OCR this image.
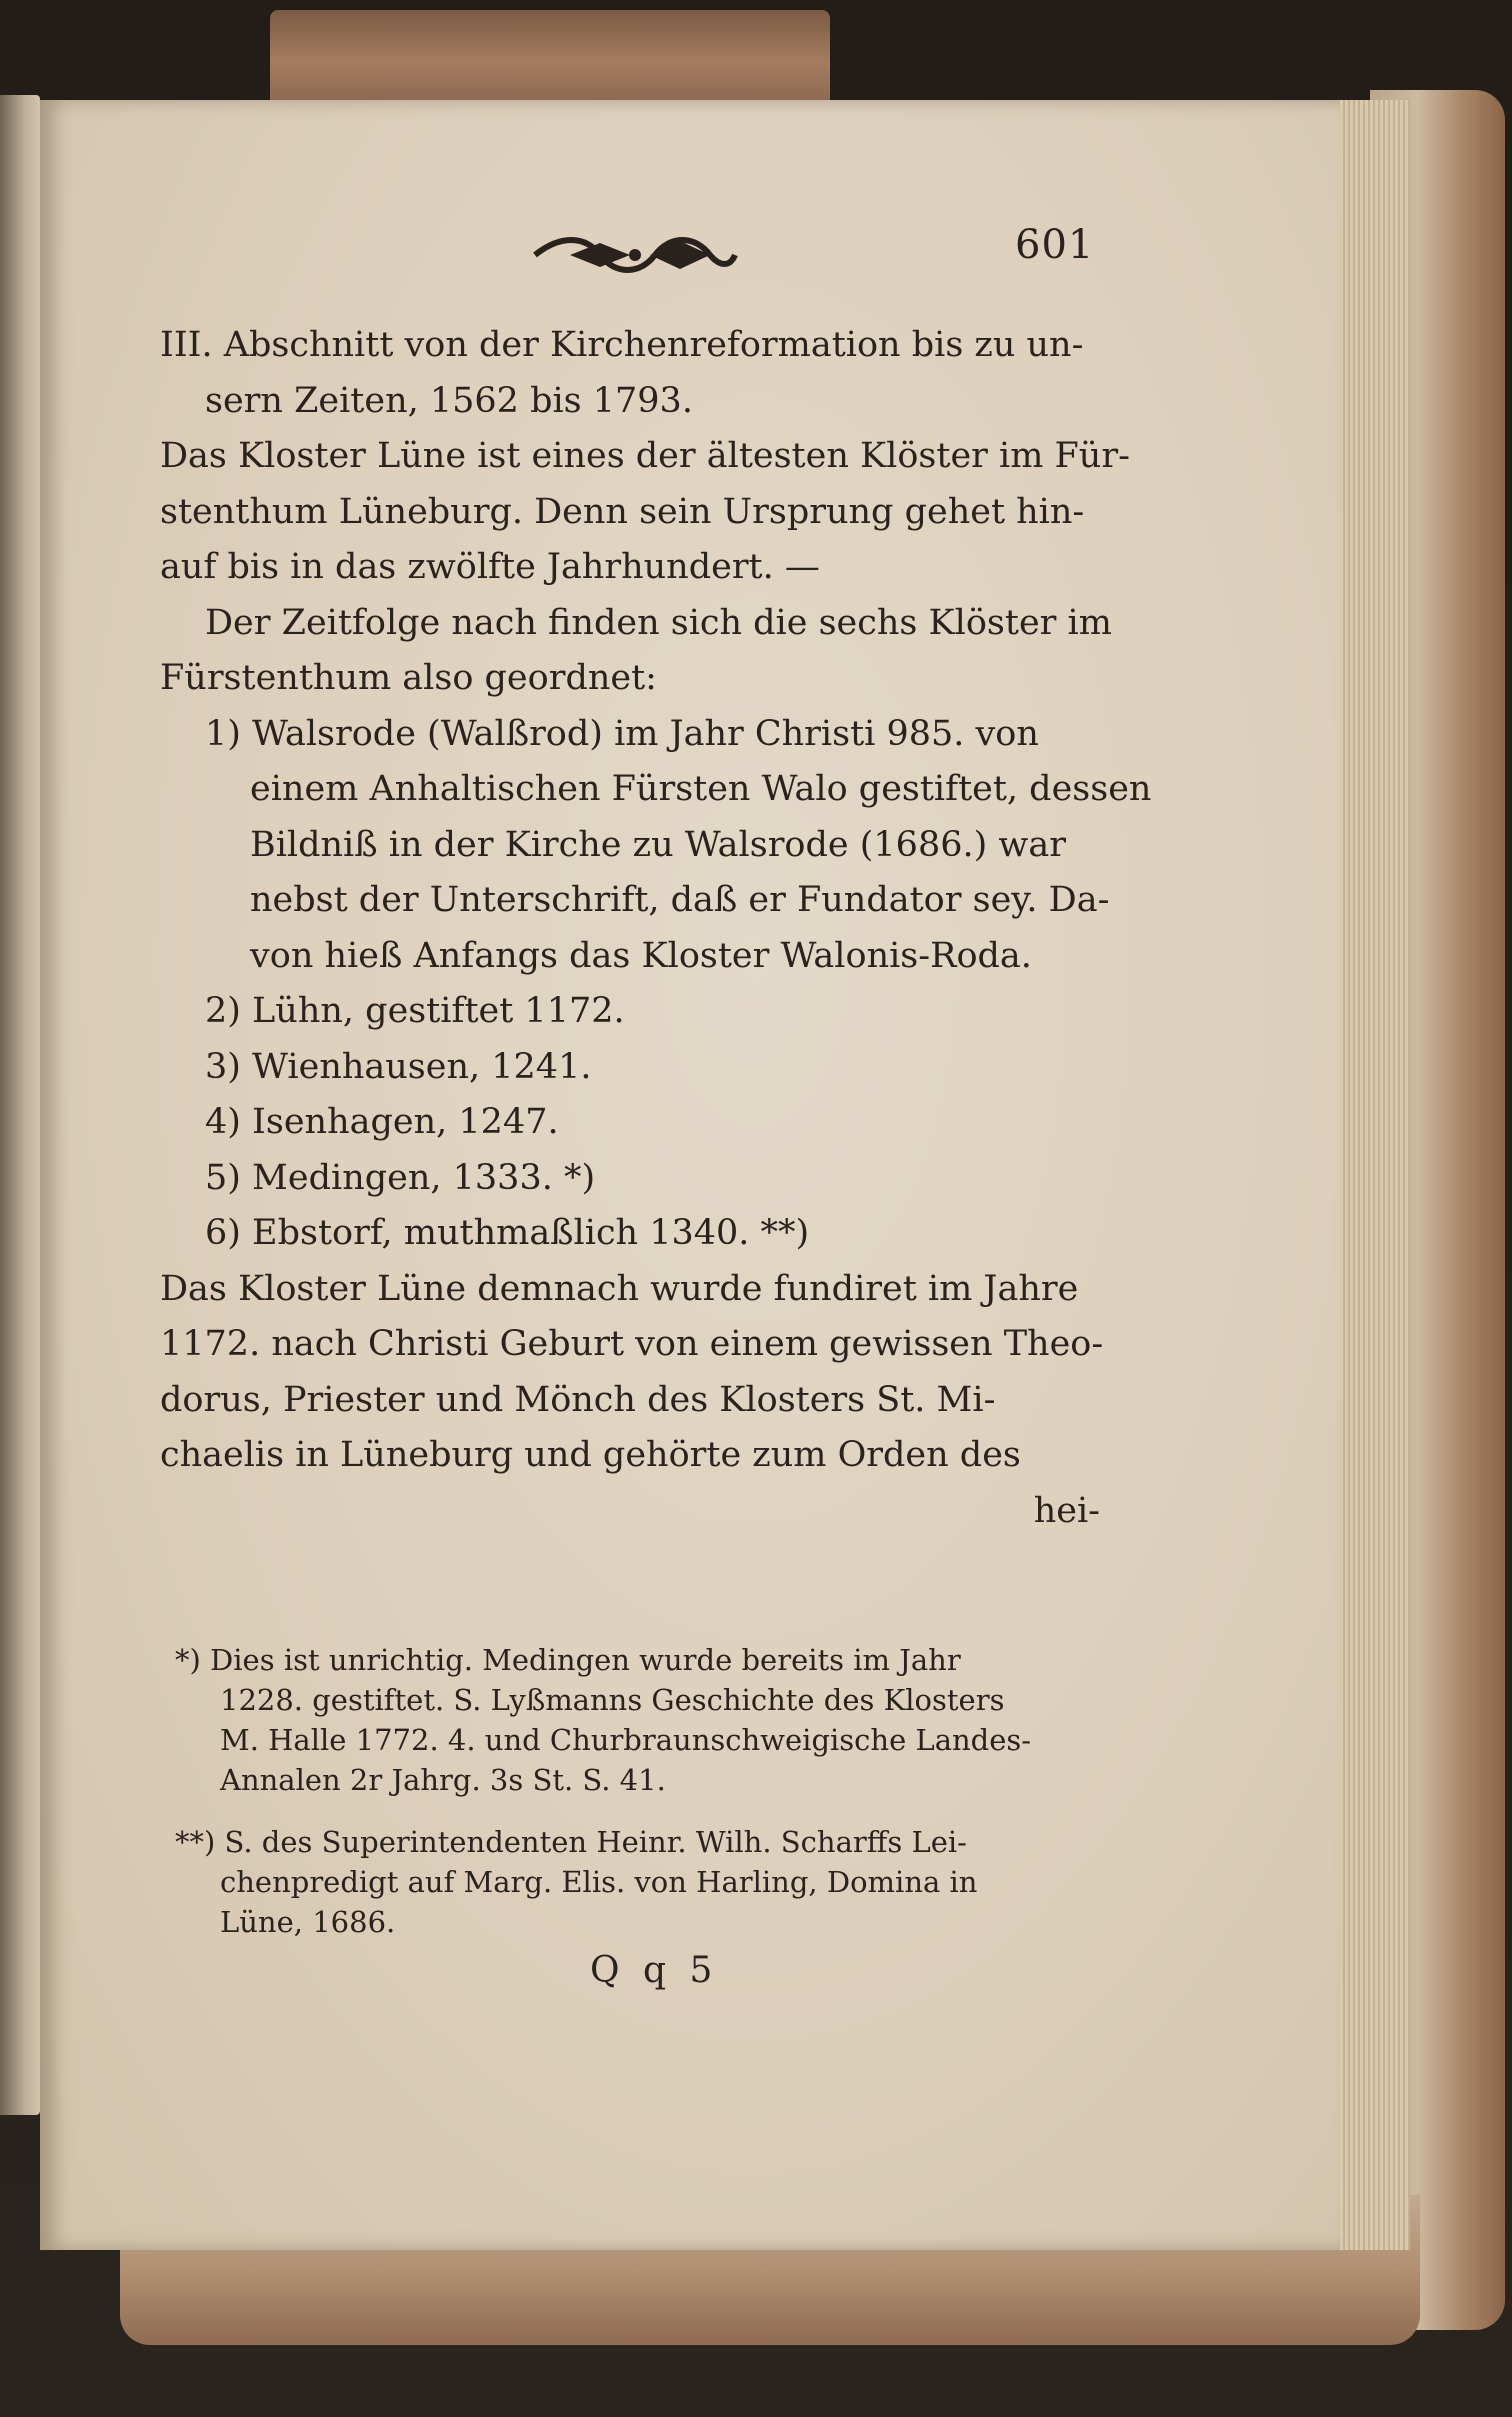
601
III. Abschnitt von der Kirchenreformation bis zu un-
sern Zeiten, 1562 bis 1793.
Das Kloster Lüne ist eines der ältesten Klöster im Für-
stenthum Lüneburg. Denn sein Ursprung gehet hin-
auf bis in das zwölfte Jahrhundert. —
Der Zeitfolge nach finden sich die sechs Klöster im
Fürstenthum also geordnet:
1) Walsrode (Walßrod) im Jahr Christi 985. von
einem Anhaltischen Fürsten Walo gestiftet, dessen
Bildniß in der Kirche zu Walsrode (1686.) war
nebst der Unterschrift, daß er Fundator sey. Da-
von hieß Anfangs das Kloster Walonis-Roda.
2) Lühn, gestiftet 1172.
3) Wienhausen, 1241.
4) Isenhagen, 1247.
5) Medingen, 1333. *)
6) Ebstorf, muthmaßlich 1340. **)
Das Kloster Lüne demnach wurde fundiret im Jahre
1172. nach Christi Geburt von einem gewissen Theo-
dorus, Priester und Mönch des Klosters St. Mi-
chaelis in Lüneburg und gehörte zum Orden des
hei-
*) Dies ist unrichtig. Medingen wurde bereits im Jahr
1228. gestiftet. S. Lyßmanns Geschichte des Klosters
M. Halle 1772. 4. und Churbraunschweigische Landes-
Annalen 2r Jahrg. 3s St. S. 41.
**) S. des Superintendenten Heinr. Wilh. Scharffs Lei-
chenpredigt auf Marg. Elis. von Harling, Domina in
Lüne, 1686.
Q q 5
